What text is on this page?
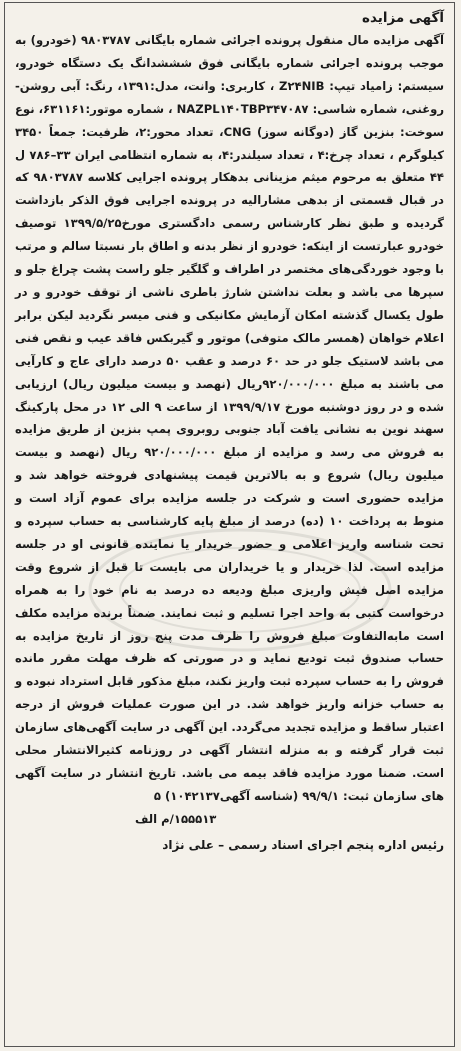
آگهی مزایده

آگهی مزایده مال منقول پرونده اجرائی شماره بایگانی ۹۸۰۳۷۸۷ (خودرو) به موجب پرونده اجرائی شماره بایگانی فوق شششدانگ یک دستگاه خودرو، سیستم: زامیاد تیپ: Z۲۴NIB ، کاربری: وانت، مدل:۱۳۹۱، رنگ: آبی روشن- روغنی، شماره شاسی: NAZPL۱۴۰TBP۳۴۷۰۸۷ ، شماره موتور:۶۳۱۱۶۱، نوع سوخت: بنزین گاز (دوگانه سوز) CNG، تعداد محور:۲، ظرفیت: جمعاً ۳۴۵۰ کیلوگرم ، تعداد چرخ:۴ ، تعداد سیلندر:۴، به شماره انتظامی ایران ۳۳–۷۸۶ ل ۴۴ متعلق به مرحوم میثم مزینانی بدهکار پرونده اجرایی کلاسه ۹۸۰۳۷۸۷ که در قبال قسمتی از بدهی مشارالیه در پرونده اجرایی فوق الذکر بازداشت گردیده و طبق نظر کارشناس رسمی دادگستری مورخ۱۳۹۹/۵/۲۵ توصیف خودرو عبارتست از اینکه: خودرو از نظر بدنه و اطاق بار نسبتا سالم و مرتب با وجود خوردگی‌های مختصر در اطراف و گلگیر جلو راست پشت چراغ جلو و سپرها می باشد و بعلت نداشتن شارژ باطری ناشی از توقف خودرو و در طول یکسال گذشته امکان آزمایش مکانیکی و فنی میسر نگردید لیکن برابر اعلام خواهان (همسر مالک متوفی) موتور و گیربکس فاقد عیب و نقص فنی می باشد لاستیک جلو در حد ۶۰ درصد و عقب ۵۰ درصد دارای عاج و کارآیی می باشند به مبلغ ۹۲۰/۰۰۰/۰۰۰ریال (نهصد و بیست میلیون ریال) ارزیابی شده و در روز دوشنبه مورخ ۱۳۹۹/۹/۱۷ از ساعت ۹ الی ۱۲ در محل پارکینگ سهند نوین به نشانی یافت آباد جنوبی روبروی پمپ بنزین از طریق مزایده به فروش می رسد و مزایده از مبلغ ۹۲۰/۰۰۰/۰۰۰ ریال (نهصد و بیست میلیون ریال) شروع و به بالاترین قیمت پیشنهادی فروخته خواهد شد و مزایده حضوری است و شرکت در جلسه مزایده برای عموم آزاد است و منوط به پرداخت ۱۰ (ده) درصد از مبلغ پایه کارشناسی به حساب سپرده و تحت شناسه واریز اعلامی و حضور خریدار یا نماینده قانونی او در جلسه مزایده است. لذا خریدار و یا خریداران می بایست تا قبل از شروع وقت مزایده اصل فیش واریزی مبلغ ودیعه ده درصد به نام خود را به همراه درخواست کتبی به واحد اجرا تسلیم و ثبت نمایند. ضمناً برنده مزایده مکلف است مابه‌التفاوت مبلغ فروش را ظرف مدت پنج روز از تاریخ مزایده به حساب صندوق ثبت تودیع نماید و در صورتی که ظرف مهلت مقرر مانده فروش را به حساب سپرده ثبت واریز نکند، مبلغ مذکور قابل استرداد نبوده و به حساب خزانه واریز خواهد شد. در این صورت عملیات فروش از درجه اعتبار ساقط و مزایده تجدید می‌گردد. این آگهی در سایت آگهی‌های سازمان ثبت قرار گرفته و به منزله انتشار آگهی در روزنامه کثیرالانتشار محلی است. ضمنا مورد مزایده فاقد بیمه می باشد. تاریخ انتشار در سایت آگهی های سازمان ثبت: ۹۹/۹/۱ (شناسه آگهی۱۰۴۲۱۳۷) ۵

۱۵۵۵۱۳/م الف

رئیس اداره پنجم اجرای اسناد رسمی – علی نژاد
